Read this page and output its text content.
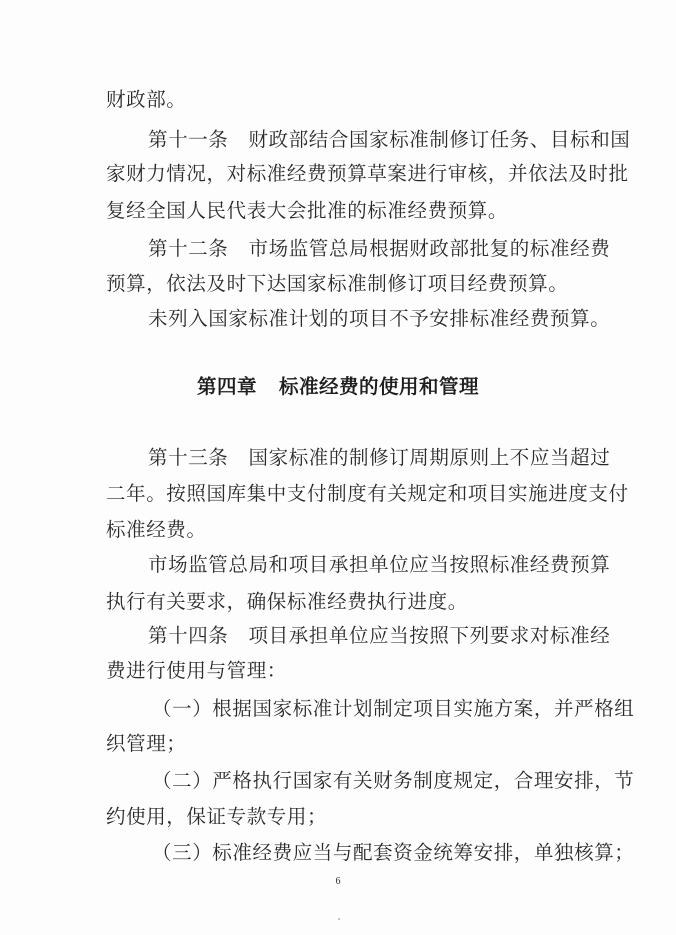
财政部。
第十一条　财政部结合国家标准制修订任务、目标和国
家财力情况，对标准经费预算草案进行审核，并依法及时批
复经全国人民代表大会批准的标准经费预算。
第十二条　市场监管总局根据财政部批复的标准经费
预算，依法及时下达国家标准制修订项目经费预算。
未列入国家标准计划的项目不予安排标准经费预算。
第四章 标准经费的使用和管理
第十三条　国家标准的制修订周期原则上不应当超过
二年。按照国库集中支付制度有关规定和项目实施进度支付
标准经费。
市场监管总局和项目承担单位应当按照标准经费预算
执行有关要求，确保标准经费执行进度。
第十四条　项目承担单位应当按照下列要求对标准经
费进行使用与管理：
（一）根据国家标准计划制定项目实施方案，并严格组
织管理；
（二）严格执行国家有关财务制度规定，合理安排，节
约使用，保证专款专用；
（三）标准经费应当与配套资金统筹安排，单独核算；
6
